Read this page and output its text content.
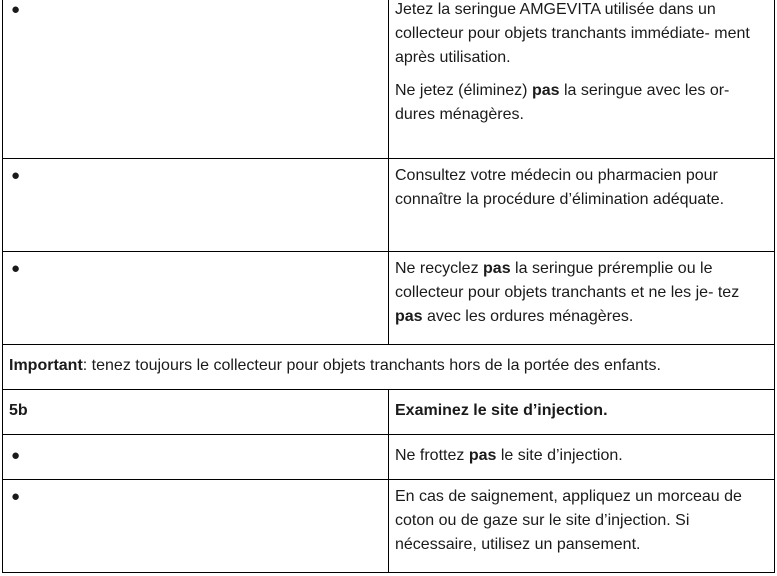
●	Jetez la seringue AMGEVITA utilisée dans un collecteur pour objets tranchants immédiate- ment après utilisation.

Ne jetez (éliminez) pas la seringue avec les or- dures ménagères.

●	Consultez votre médecin ou pharmacien pour connaître la procédure d’élimination adéquate.

●	Ne recyclez pas la seringue préremplie ou le collecteur pour objets tranchants et ne les je- tez pas avec les ordures ménagères.

Important: tenez toujours le collecteur pour objets tranchants hors de la portée des enfants.	
5b	Examinez le site d’injection.
●	Ne frottez pas le site d’injection.
●	En cas de saignement, appliquez un morceau de coton ou de gaze sur le site d’injection. Si nécessaire, utilisez un pansement.
